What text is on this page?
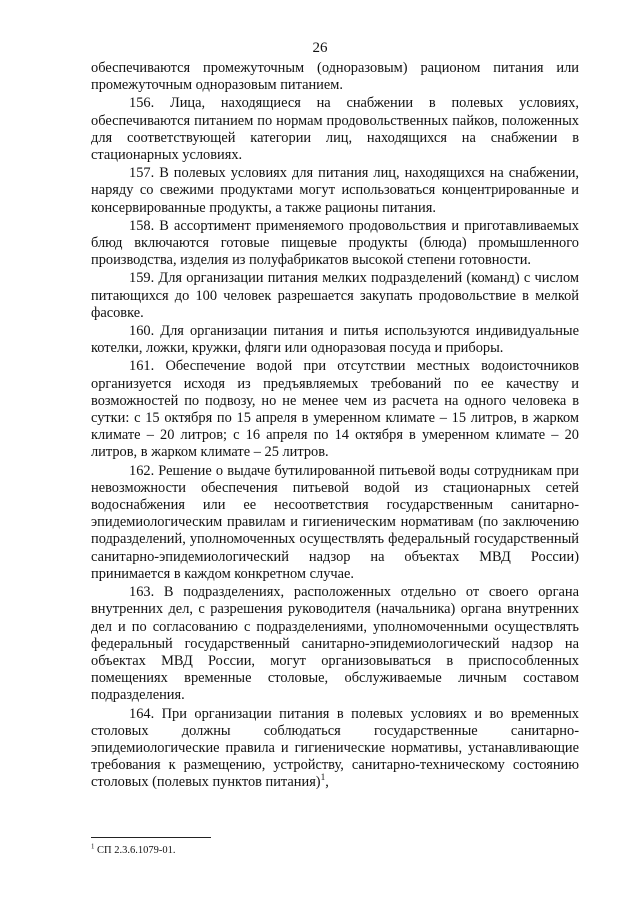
26

обеспечиваются промежуточным (одноразовым) рационом питания или промежуточным одноразовым питанием.

156. Лица, находящиеся на снабжении в полевых условиях, обеспечиваются питанием по нормам продовольственных пайков, положенных для соответствующей категории лиц, находящихся на снабжении в стационарных условиях.

157. В полевых условиях для питания лиц, находящихся на снабжении, наряду со свежими продуктами могут использоваться концентрированные и консервированные продукты, а также рационы питания.

158. В ассортимент применяемого продовольствия и приготавливаемых блюд включаются готовые пищевые продукты (блюда) промышленного производства, изделия из полуфабрикатов высокой степени готовности.

159. Для организации питания мелких подразделений (команд) с числом питающихся до 100 человек разрешается закупать продовольствие в мелкой фасовке.

160. Для организации питания и питья используются индивидуальные котелки, ложки, кружки, фляги или одноразовая посуда и приборы.

161. Обеспечение водой при отсутствии местных водоисточников организуется исходя из предъявляемых требований по ее качеству и возможностей по подвозу, но не менее чем из расчета на одного человека в сутки: с 15 октября по 15 апреля в умеренном климате – 15 литров, в жарком климате – 20 литров; с 16 апреля по 14 октября в умеренном климате – 20 литров, в жарком климате – 25 литров.

162. Решение о выдаче бутилированной питьевой воды сотрудникам при невозможности обеспечения питьевой водой из стационарных сетей водоснабжения или ее несоответствия государственным санитарно-эпидемиологическим правилам и гигиеническим нормативам (по заключению подразделений, уполномоченных осуществлять федеральный государственный санитарно-эпидемиологический надзор на объектах МВД России) принимается в каждом конкретном случае.

163. В подразделениях, расположенных отдельно от своего органа внутренних дел, с разрешения руководителя (начальника) органа внутренних дел и по согласованию с подразделениями, уполномоченными осуществлять федеральный государственный санитарно-эпидемиологический надзор на объектах МВД России, могут организовываться в приспособленных помещениях временные столовые, обслуживаемые личным составом подразделения.

164. При организации питания в полевых условиях и во временных столовых должны соблюдаться государственные санитарно-эпидемиологические правила и гигиенические нормативы, устанавливающие требования к размещению, устройству, санитарно-техническому состоянию столовых (полевых пунктов питания)$^1$,

$^1$ СП 2.3.6.1079-01.
